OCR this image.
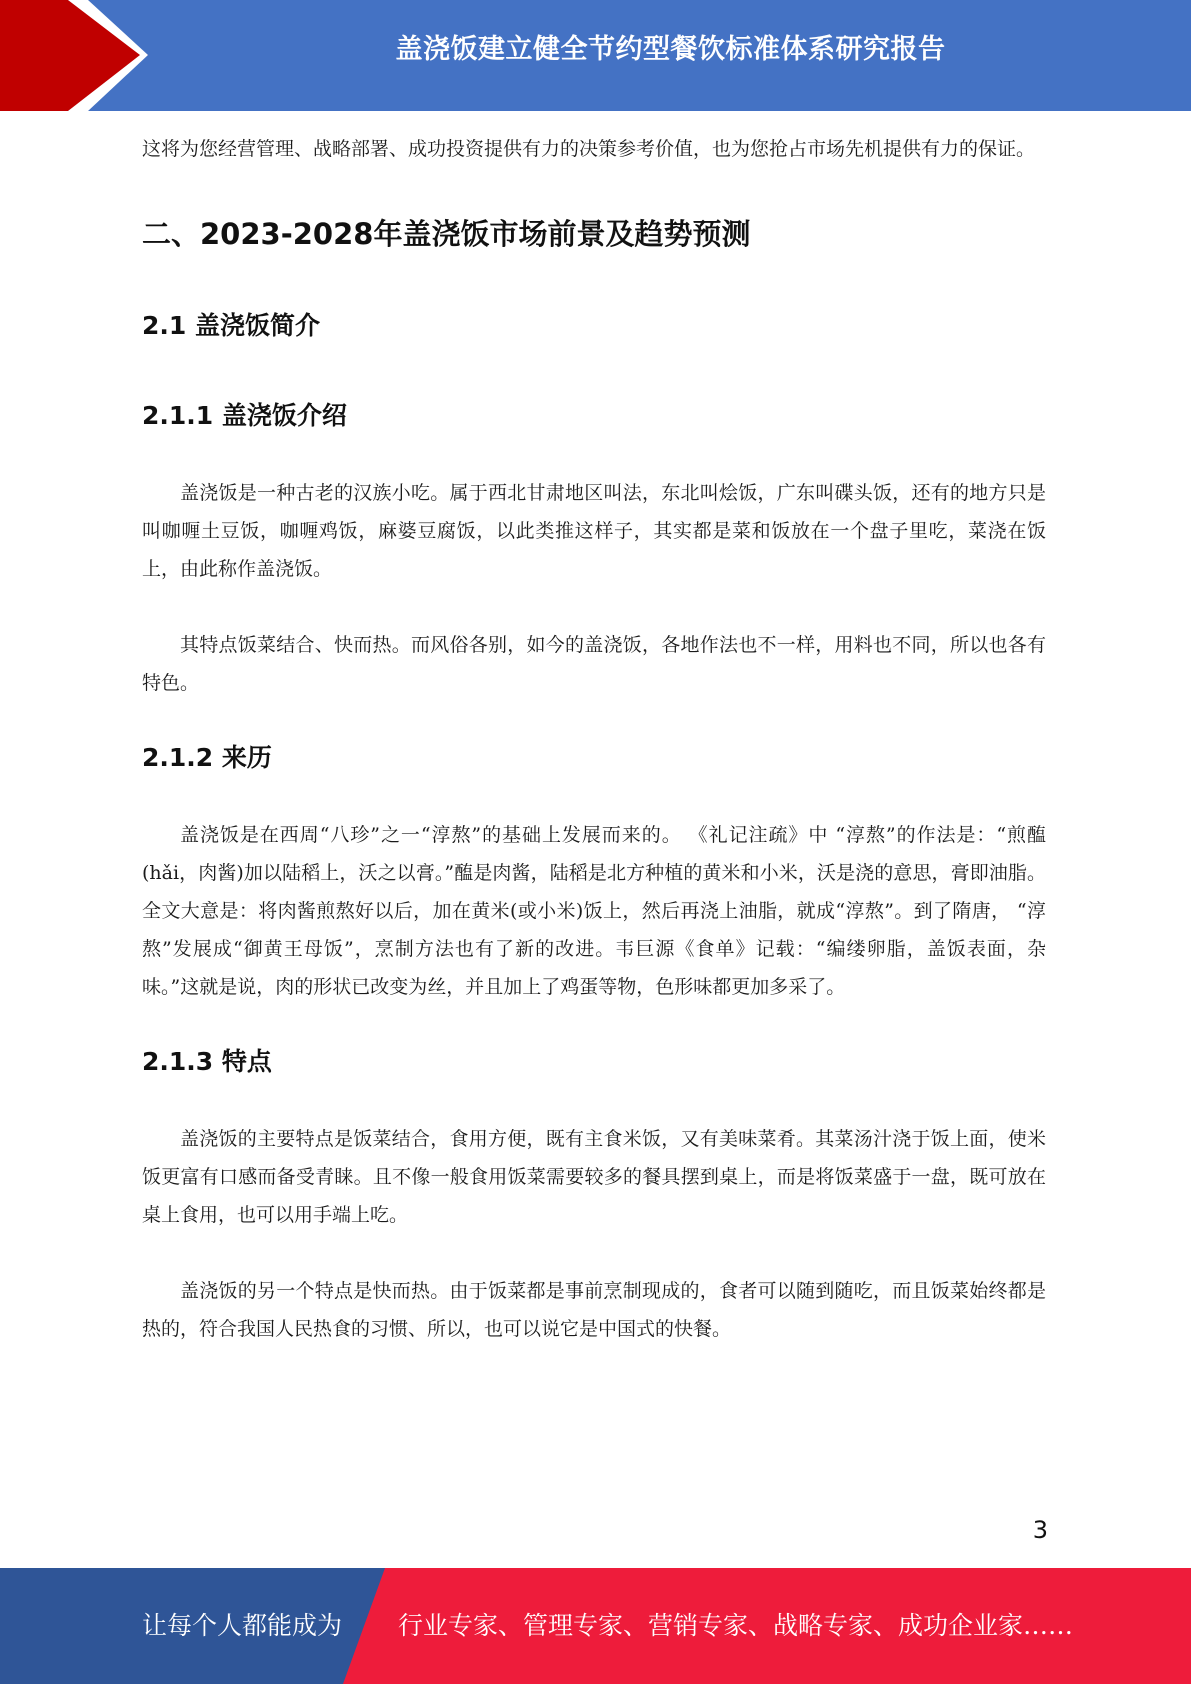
盖浇饭建立健全节约型餐饮标准体系研究报告

这将为您经营管理、战略部署、成功投资提供有力的决策参考价值，也为您抢占市场先机提供有力的保证。

二、2023-2028年盖浇饭市场前景及趋势预测
2.1 盖浇饭简介
2.1.1 盖浇饭介绍

盖浇饭是一种古老的汉族小吃。属于西北甘肃地区叫法，东北叫烩饭，广东叫碟头饭，还有的地方只是叫咖喱土豆饭，咖喱鸡饭，麻婆豆腐饭，以此类推这样子，其实都是菜和饭放在一个盘子里吃，菜浇在饭上，由此称作盖浇饭。

其特点饭菜结合、快而热。而风俗各别，如今的盖浇饭，各地作法也不一样，用料也不同，所以也各有特色。

2.1.2 来历

盖浇饭是在西周“八珍”之一“淳熬”的基础上发展而来的。 《礼记注疏》中 “淳熬”的作法是：“煎醢(hǎi，肉酱)加以陆稻上，沃之以膏。”醢是肉酱，陆稻是北方种植的黄米和小米，沃是浇的意思，膏即油脂。全文大意是：将肉酱煎熬好以后，加在黄米(或小米)饭上，然后再浇上油脂，就成“淳熬”。到了隋唐， “淳熬”发展成“御黄王母饭”，烹制方法也有了新的改进。韦巨源《食单》记载：“编缕卵脂，盖饭表面，杂味。”这就是说，肉的形状已改变为丝，并且加上了鸡蛋等物，色形味都更加多采了。

2.1.3 特点

盖浇饭的主要特点是饭菜结合，食用方便，既有主食米饭，又有美味菜肴。其菜汤汁浇于饭上面，使米饭更富有口感而备受青睐。且不像一般食用饭菜需要较多的餐具摆到桌上，而是将饭菜盛于一盘，既可放在桌上食用，也可以用手端上吃。

盖浇饭的另一个特点是快而热。由于饭菜都是事前烹制现成的，食者可以随到随吃，而且饭菜始终都是热的，符合我国人民热食的习惯、所以，也可以说它是中国式的快餐。

3
让每个人都能成为 行业专家、管理专家、营销专家、战略专家、成功企业家……
